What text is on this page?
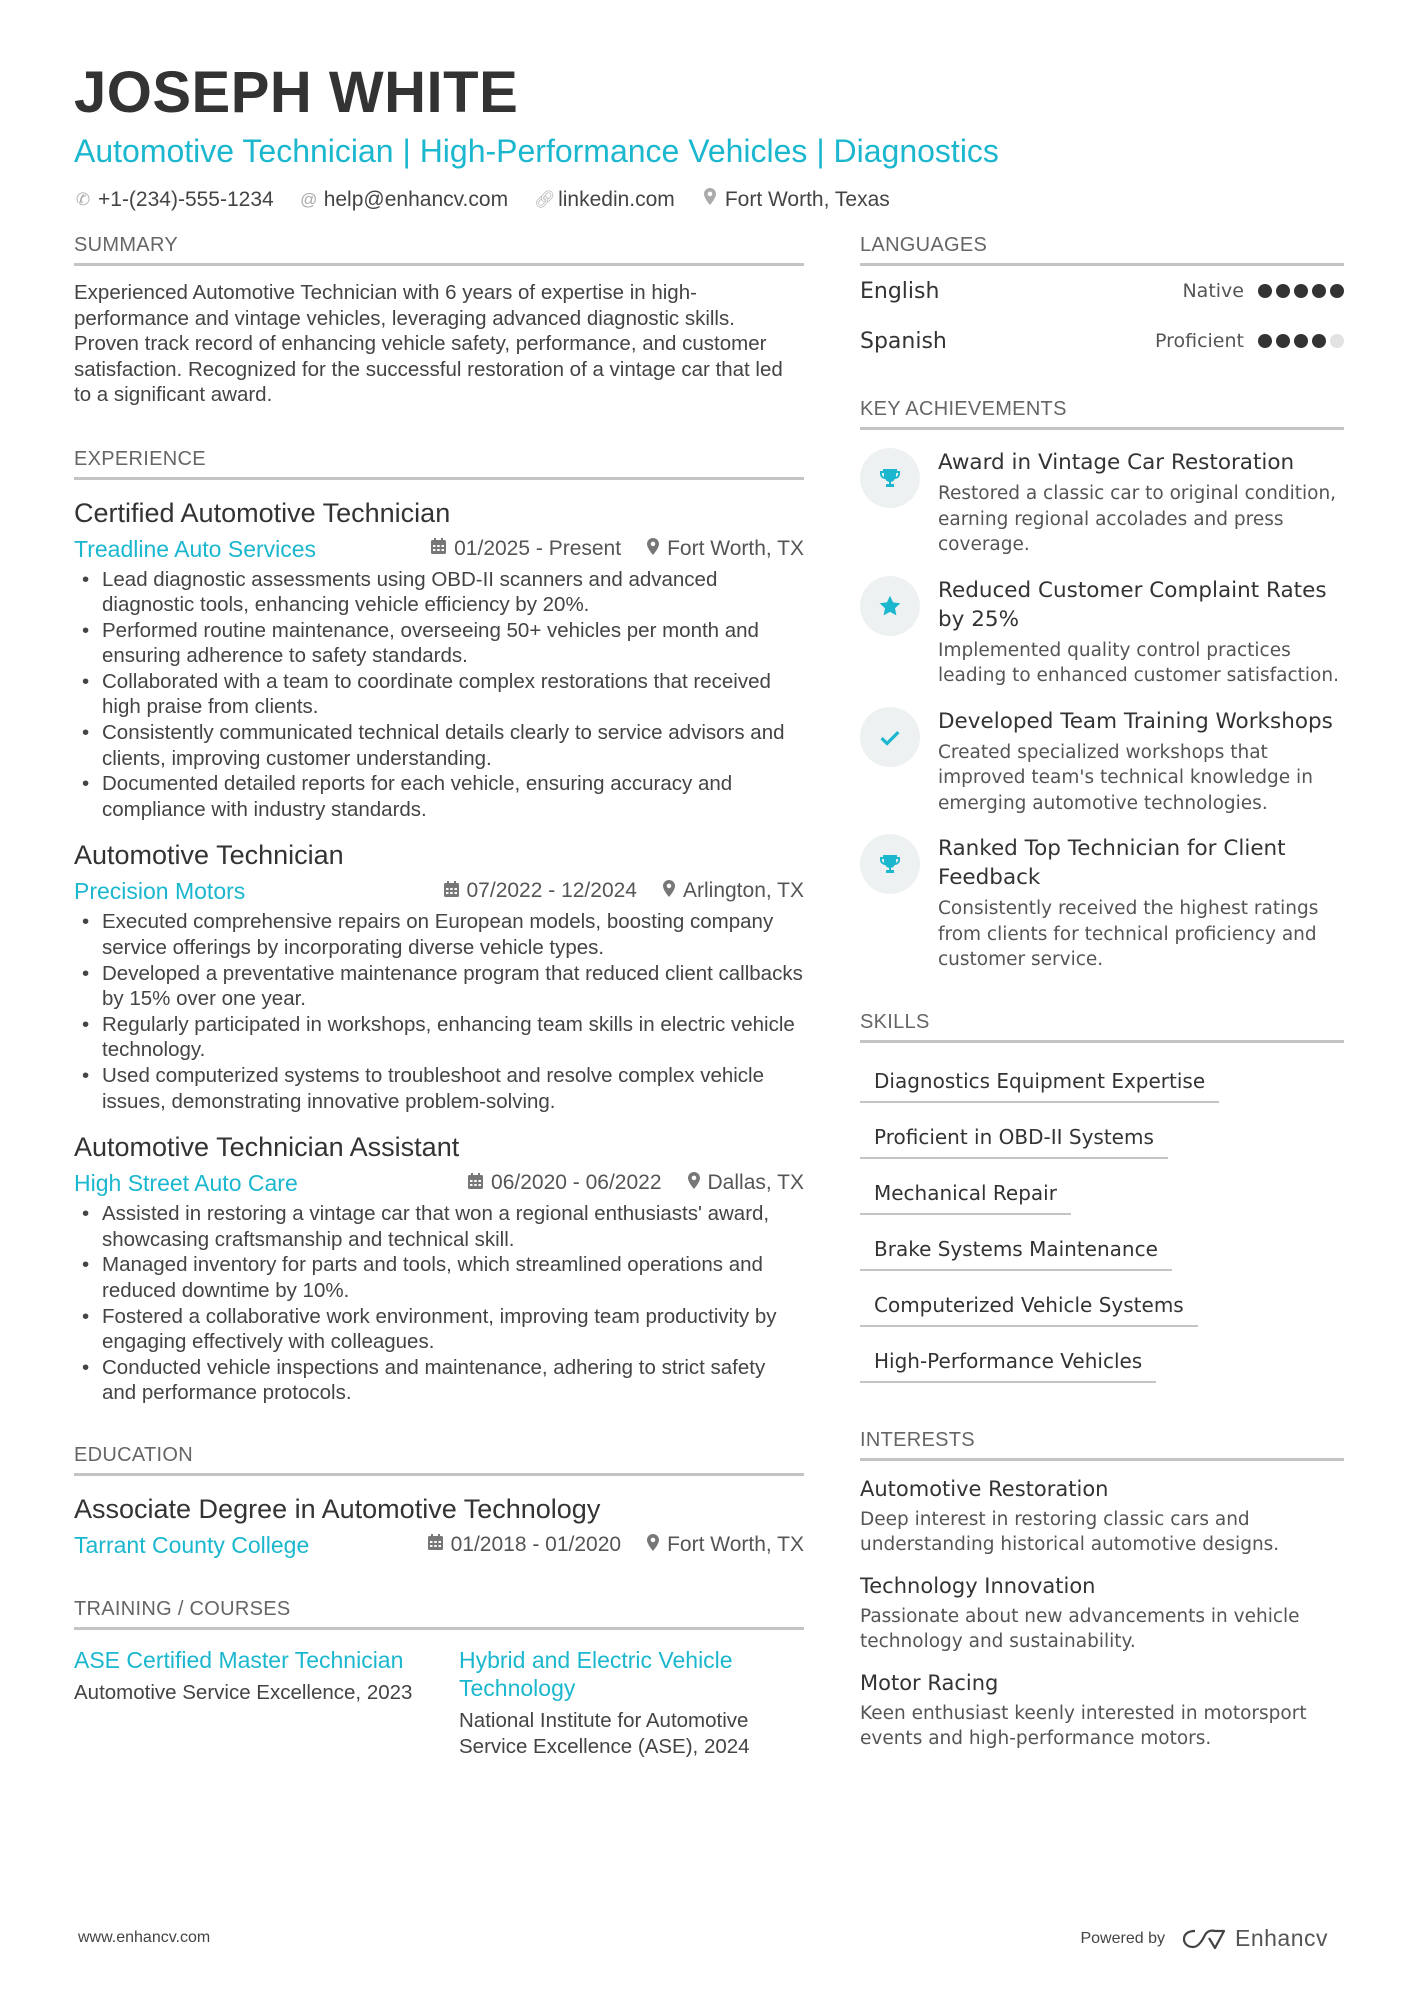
JOSEPH WHITE
Automotive Technician | High-Performance Vehicles | Diagnostics
✆ +1-(234)-555-1234 @ help@enhancv.com 🔗︎ linkedin.com Fort Worth, Texas
SUMMARY
Experienced Automotive Technician with 6 years of expertise in high-performance and vintage vehicles, leveraging advanced diagnostic skills. Proven track record of enhancing vehicle safety, performance, and customer satisfaction. Recognized for the successful restoration of a vintage car that led to a significant award.
EXPERIENCE
Certified Automotive Technician
Treadline Auto Services	01/2025 - Present Fort Worth, TX
• Lead diagnostic assessments using OBD-II scanners and advanced diagnostic tools, enhancing vehicle efficiency by 20%.
• Performed routine maintenance, overseeing 50+ vehicles per month and ensuring adherence to safety standards.
• Collaborated with a team to coordinate complex restorations that received high praise from clients.
• Consistently communicated technical details clearly to service advisors and clients, improving customer understanding.
• Documented detailed reports for each vehicle, ensuring accuracy and compliance with industry standards.
Automotive Technician
Precision Motors	07/2022 - 12/2024 Arlington, TX
• Executed comprehensive repairs on European models, boosting company service offerings by incorporating diverse vehicle types.
• Developed a preventative maintenance program that reduced client callbacks by 15% over one year.
• Regularly participated in workshops, enhancing team skills in electric vehicle technology.
• Used computerized systems to troubleshoot and resolve complex vehicle issues, demonstrating innovative problem-solving.
Automotive Technician Assistant
High Street Auto Care	06/2020 - 06/2022 Dallas, TX
• Assisted in restoring a vintage car that won a regional enthusiasts' award, showcasing craftsmanship and technical skill.
• Managed inventory for parts and tools, which streamlined operations and reduced downtime by 10%.
• Fostered a collaborative work environment, improving team productivity by engaging effectively with colleagues.
• Conducted vehicle inspections and maintenance, adhering to strict safety and performance protocols.
EDUCATION
Associate Degree in Automotive Technology
Tarrant County College	01/2018 - 01/2020 Fort Worth, TX
TRAINING / COURSES
ASE Certified Master Technician
Automotive Service Excellence, 2023
Hybrid and Electric Vehicle Technology
National Institute for Automotive Service Excellence (ASE), 2024
LANGUAGES
English	Native
Spanish	Proficient
KEY ACHIEVEMENTS
Award in Vintage Car Restoration
Restored a classic car to original condition, earning regional accolades and press coverage.
Reduced Customer Complaint Rates by 25%
Implemented quality control practices leading to enhanced customer satisfaction.
Developed Team Training Workshops
Created specialized workshops that improved team's technical knowledge in emerging automotive technologies.
Ranked Top Technician for Client Feedback
Consistently received the highest ratings from clients for technical proficiency and customer service.
SKILLS
Diagnostics Equipment Expertise
Proficient in OBD-II Systems
Mechanical Repair
Brake Systems Maintenance
Computerized Vehicle Systems
High-Performance Vehicles
INTERESTS
Automotive Restoration
Deep interest in restoring classic cars and understanding historical automotive designs.
Technology Innovation
Passionate about new advancements in vehicle technology and sustainability.
Motor Racing
Keen enthusiast keenly interested in motorsport events and high-performance motors.
www.enhancv.com	Powered by	Enhancv
